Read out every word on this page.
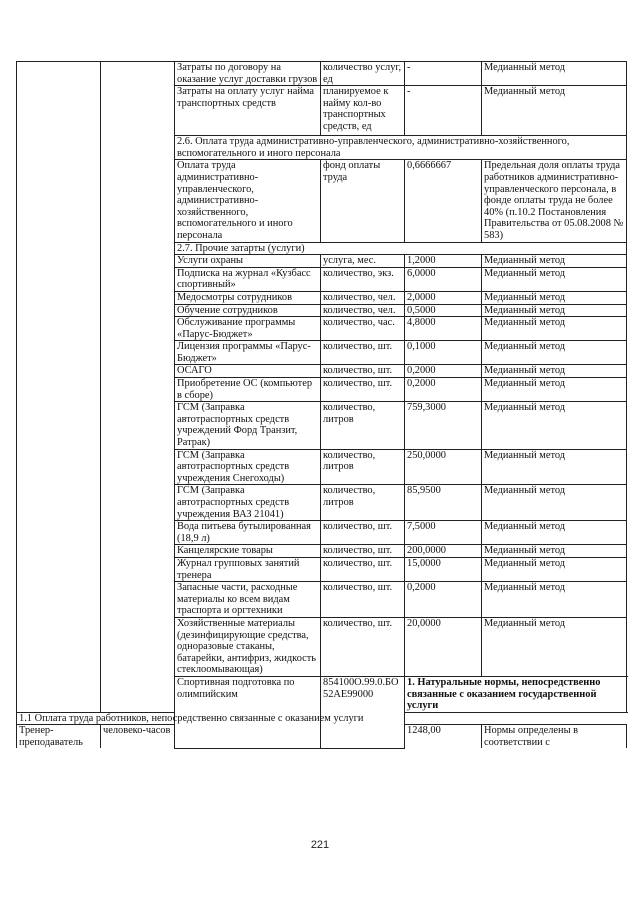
		Затраты по договору на оказание услуг доставки грузов	количество услуг, ед	-	Медианный метод
		Затраты на оплату услуг найма транспортных средств	планируемое к найму кол-во транспортных средств, ед	-	Медианный метод
		2.6. Оплата труда административно-управленческого, административно-хозяйственного, вспомогательного и иного персонала			
		Оплата труда административно-управленческого, административно-хозяйственного, вспомогательного и иного персонала	фонд оплаты труда	0,6666667	Предельная доля оплаты труда работников административно-управленческого персонала, в фонде оплаты труда не более 40% (п.10.2 Постановления Правительства от 05.08.2008 № 583)
		2.7. Прочие затарты (услуги)			
		Услуги охраны	услуга, мес.	1,2000	Медианный метод
		Подписка на журнал «Кузбасс спортивный»	количество, экз.	6,0000	Медианный метод
		Медосмотры сотрудников	количество, чел.	2,0000	Медианный метод
		Обучение сотрудников	количество, чел.	0,5000	Медианный метод
		Обслуживание программы «Парус-Бюджет»	количество, час.	4,8000	Медианный метод
		Лицензия программы «Парус-Бюджет»	количество, шт.	0,1000	Медианный метод
		ОСАГО	количество, шт.	0,2000	Медианный метод
		Приобретение ОС (компьютер в сборе)	количество, шт.	0,2000	Медианный метод
		ГСМ (Заправка автотраспортных средств учреждений Форд Транзит, Ратрак)	количество, литров	759,3000	Медианный метод
		ГСМ (Заправка автотраспортных средств учреждения Снегоходы)	количество, литров	250,0000	Медианный метод
		ГСМ (Заправка автотраспортных средств учреждения ВАЗ 21041)	количество, литров	85,9500	Медианный метод
		Вода питьева бутылированная (18,9 л)	количество, шт.	7,5000	Медианный метод
		Канцелярские товары	количество, шт.	200,0000	Медианный метод
		Журнал групповых занятий тренера	количество, шт.	15,0000	Медианный метод
		Запасные части, расходные материалы ко всем видам траспорта и оргтехники	количество, шт.	0,2000	Медианный метод
		Хозяйственные материалы (дезинфицирующие средства, одноразовые стаканы, батарейки, антифриз, жидкость стеклоомывающая)	количество, шт.	20,0000	Медианный метод
		Спортивная подготовка по олимпийским	854100О.99.0.БО52АЕ99000	1. Натуральные нормы, непосредственно связанные с оказанием государственной услуги	
1.1 Оплата труда работников, непосредственно связанные с оказанием услуги					
Тренер-преподаватель	человеко-часов			1248,00	Нормы определены в соответствии с
221
